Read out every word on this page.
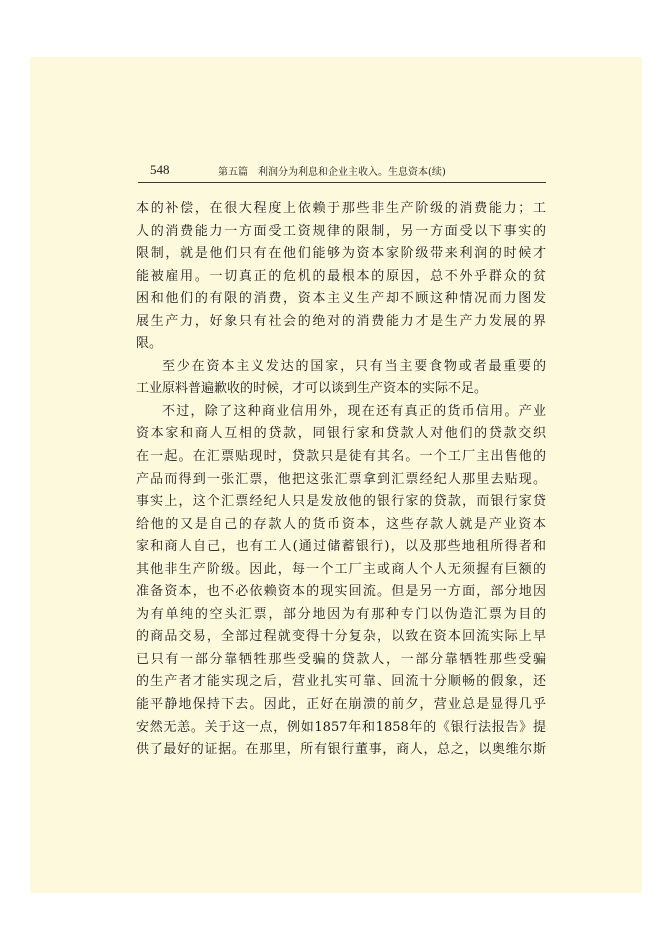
548	第五篇　利润分为利息和企业主收入。生息资本(续)
本的补偿，在很大程度上依赖于那些非生产阶级的消费能力；工
人的消费能力一方面受工资规律的限制，另一方面受以下事实的
限制，就是他们只有在他们能够为资本家阶级带来利润的时候才
能被雇用。一切真正的危机的最根本的原因，总不外乎群众的贫
困和他们的有限的消费，资本主义生产却不顾这种情况而力图发
展生产力，好象只有社会的绝对的消费能力才是生产力发展的界
限。
至少在资本主义发达的国家，只有当主要食物或者最重要的
工业原料普遍歉收的时候，才可以谈到生产资本的实际不足。
不过，除了这种商业信用外，现在还有真正的货币信用。产业
资本家和商人互相的贷款，同银行家和贷款人对他们的贷款交织
在一起。在汇票贴现时，贷款只是徒有其名。一个工厂主出售他的
产品而得到一张汇票，他把这张汇票拿到汇票经纪人那里去贴现。
事实上，这个汇票经纪人只是发放他的银行家的贷款，而银行家贷
给他的又是自己的存款人的货币资本，这些存款人就是产业资本
家和商人自己，也有工人(通过储蓄银行)，以及那些地租所得者和
其他非生产阶级。因此，每一个工厂主或商人个人无须握有巨额的
准备资本，也不必依赖资本的现实回流。但是另一方面，部分地因
为有单纯的空头汇票，部分地因为有那种专门以伪造汇票为目的
的商品交易，全部过程就变得十分复杂，以致在资本回流实际上早
已只有一部分靠牺牲那些受骗的贷款人，一部分靠牺牲那些受骗
的生产者才能实现之后，营业扎实可靠、回流十分顺畅的假象，还
能平静地保持下去。因此，正好在崩溃的前夕，营业总是显得几乎
安然无恙。关于这一点，例如1857年和1858年的《银行法报告》提
供了最好的证据。在那里，所有银行董事，商人，总之，以奥维尔斯
